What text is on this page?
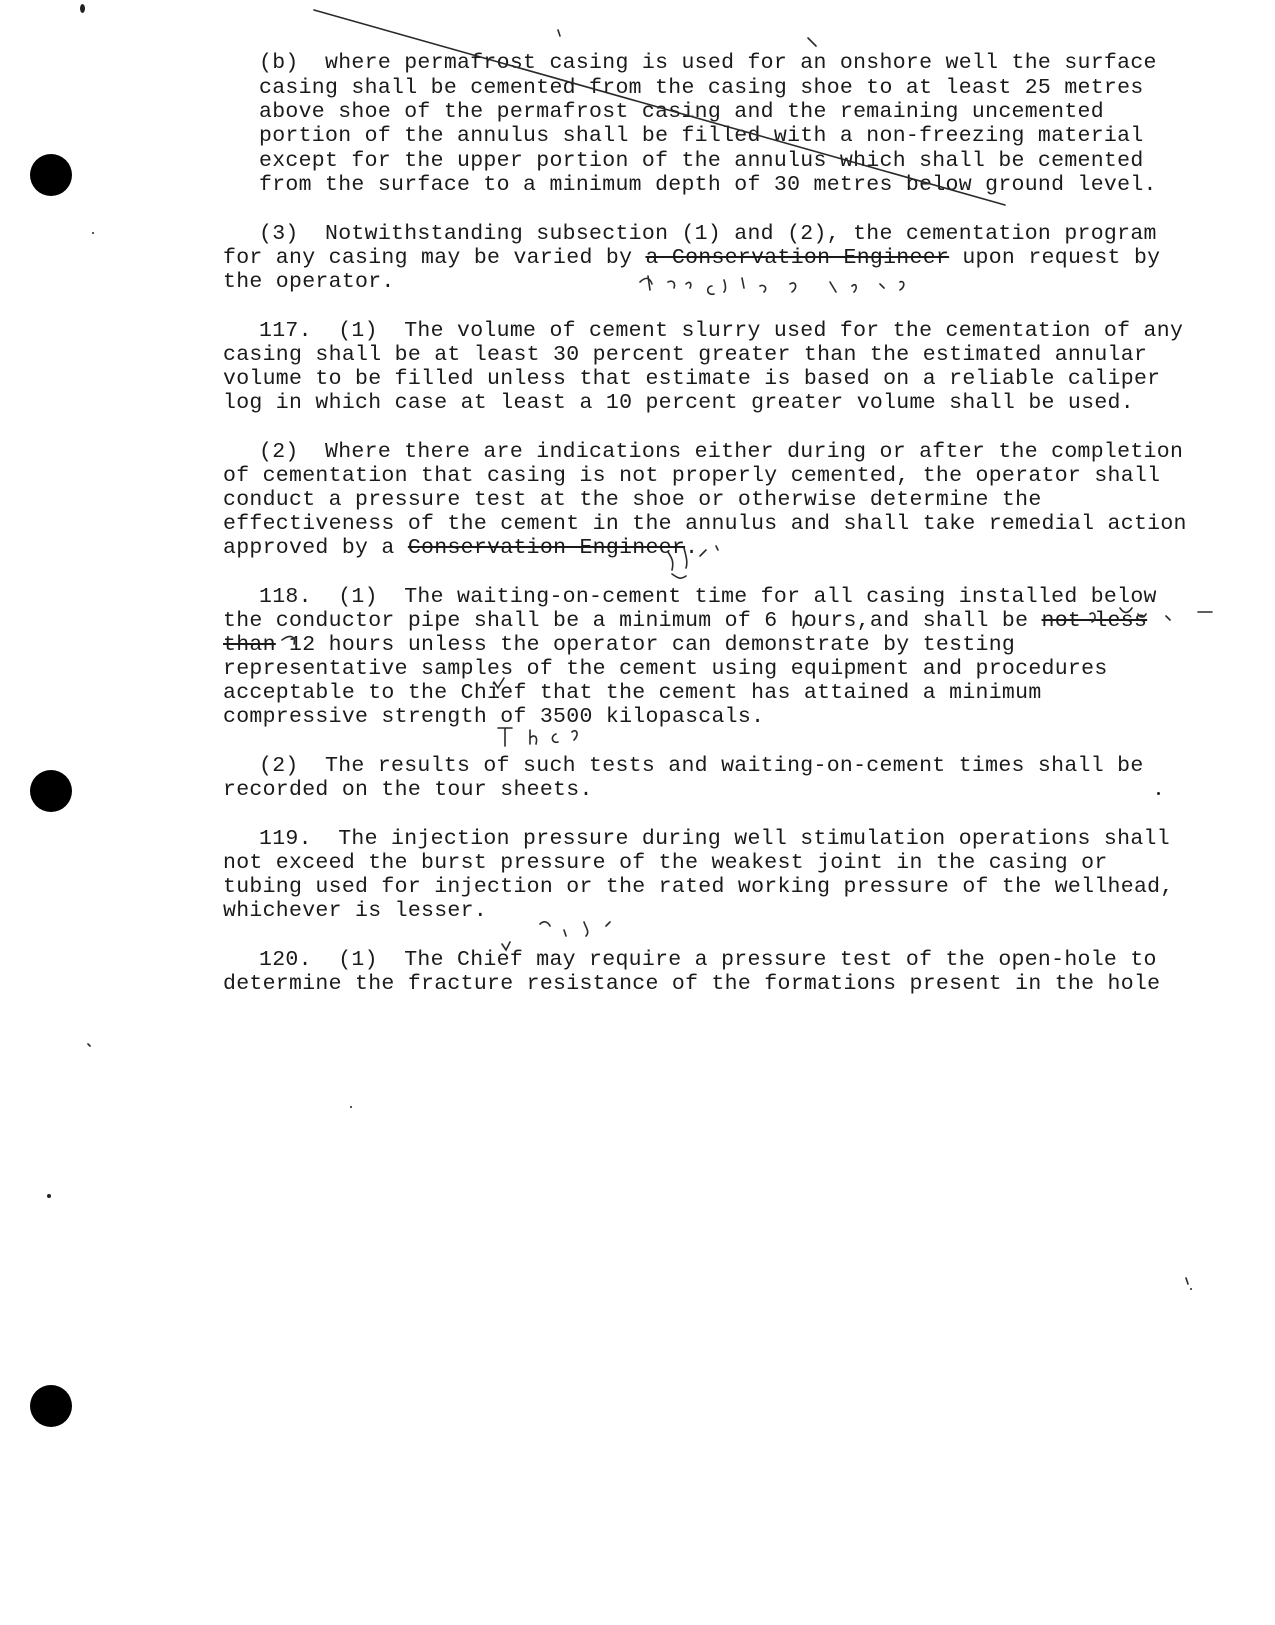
(b)  where permafrost casing is used for an onshore well the surface
casing shall be cemented from the casing shoe to at least 25 metres
above shoe of the permafrost casing and the remaining uncemented
portion of the annulus shall be filled with a non-freezing material
except for the upper portion of the annulus which shall be cemented
from the surface to a minimum depth of 30 metres below ground level.
(3)  Notwithstanding subsection (1) and (2), the cementation program
for any casing may be varied by a Conservation Engineer upon request by
the operator.
117.  (1)  The volume of cement slurry used for the cementation of any
casing shall be at least 30 percent greater than the estimated annular
volume to be filled unless that estimate is based on a reliable caliper
log in which case at least a 10 percent greater volume shall be used.
(2)  Where there are indications either during or after the completion
of cementation that casing is not properly cemented, the operator shall
conduct a pressure test at the shoe or otherwise determine the
effectiveness of the cement in the annulus and shall take remedial action
approved by a Conservation Engineer.
118.  (1)  The waiting-on-cement time for all casing installed below
the conductor pipe shall be a minimum of 6 hours,and shall be not less
than 12 hours unless the operator can demonstrate by testing
representative samples of the cement using equipment and procedures
acceptable to the Chief that the cement has attained a minimum
compressive strength of 3500 kilopascals.
(2)  The results of such tests and waiting-on-cement times shall be
recorded on the tour sheets.
119.  The injection pressure during well stimulation operations shall
not exceed the burst pressure of the weakest joint in the casing or
tubing used for injection or the rated working pressure of the wellhead,
whichever is lesser.
120.  (1)  The Chief may require a pressure test of the open-hole to
determine the fracture resistance of the formations present in the hole
